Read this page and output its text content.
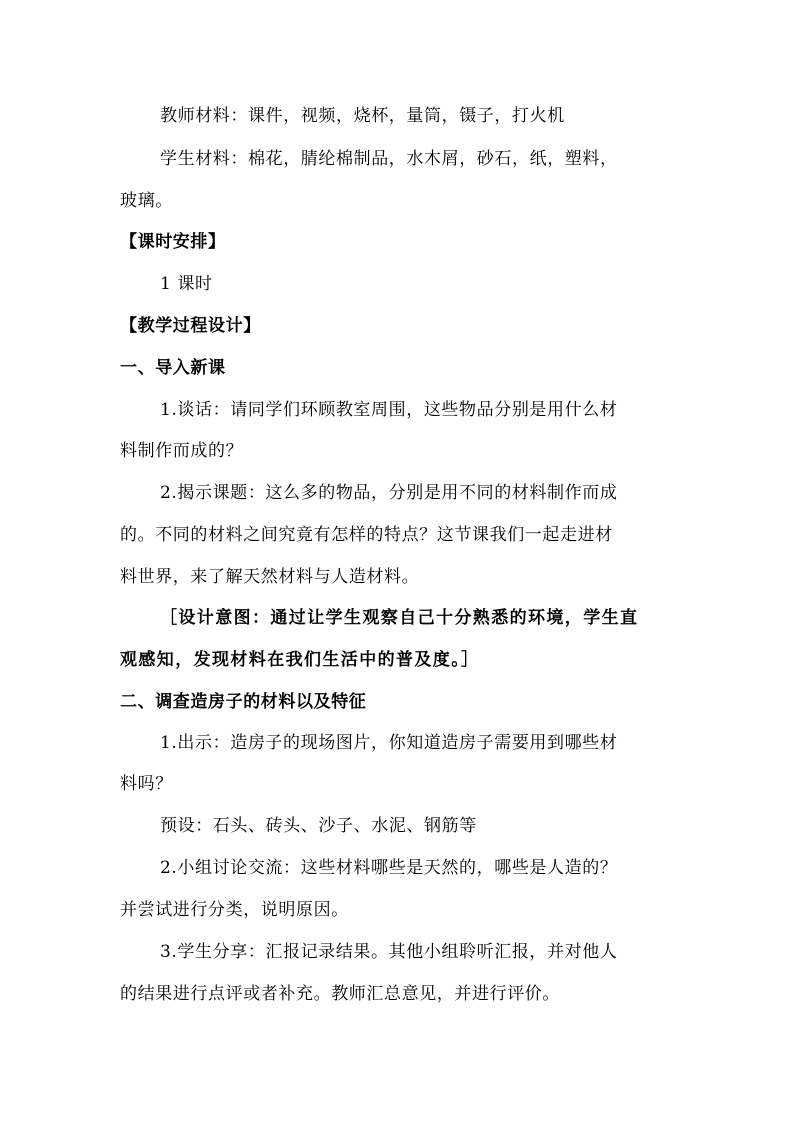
教师材料：课件，视频，烧杯，量筒，镊子，打火机
学生材料：棉花，腈纶棉制品，水木屑，砂石，纸，塑料，
玻璃。
【课时安排】
1 课时
【教学过程设计】
一、导入新课
1.谈话：请同学们环顾教室周围，这些物品分别是用什么材
料制作而成的？
2.揭示课题：这么多的物品，分别是用不同的材料制作而成
的。不同的材料之间究竟有怎样的特点？这节课我们一起走进材
料世界，来了解天然材料与人造材料。
［设计意图：通过让学生观察自己十分熟悉的环境，学生直
观感知，发现材料在我们生活中的普及度。］
二、调查造房子的材料以及特征
1.出示：造房子的现场图片，你知道造房子需要用到哪些材
料吗？
预设：石头、砖头、沙子、水泥、钢筋等
2.小组讨论交流：这些材料哪些是天然的，哪些是人造的？
并尝试进行分类，说明原因。
3.学生分享：汇报记录结果。其他小组聆听汇报，并对他人
的结果进行点评或者补充。教师汇总意见，并进行评价。
